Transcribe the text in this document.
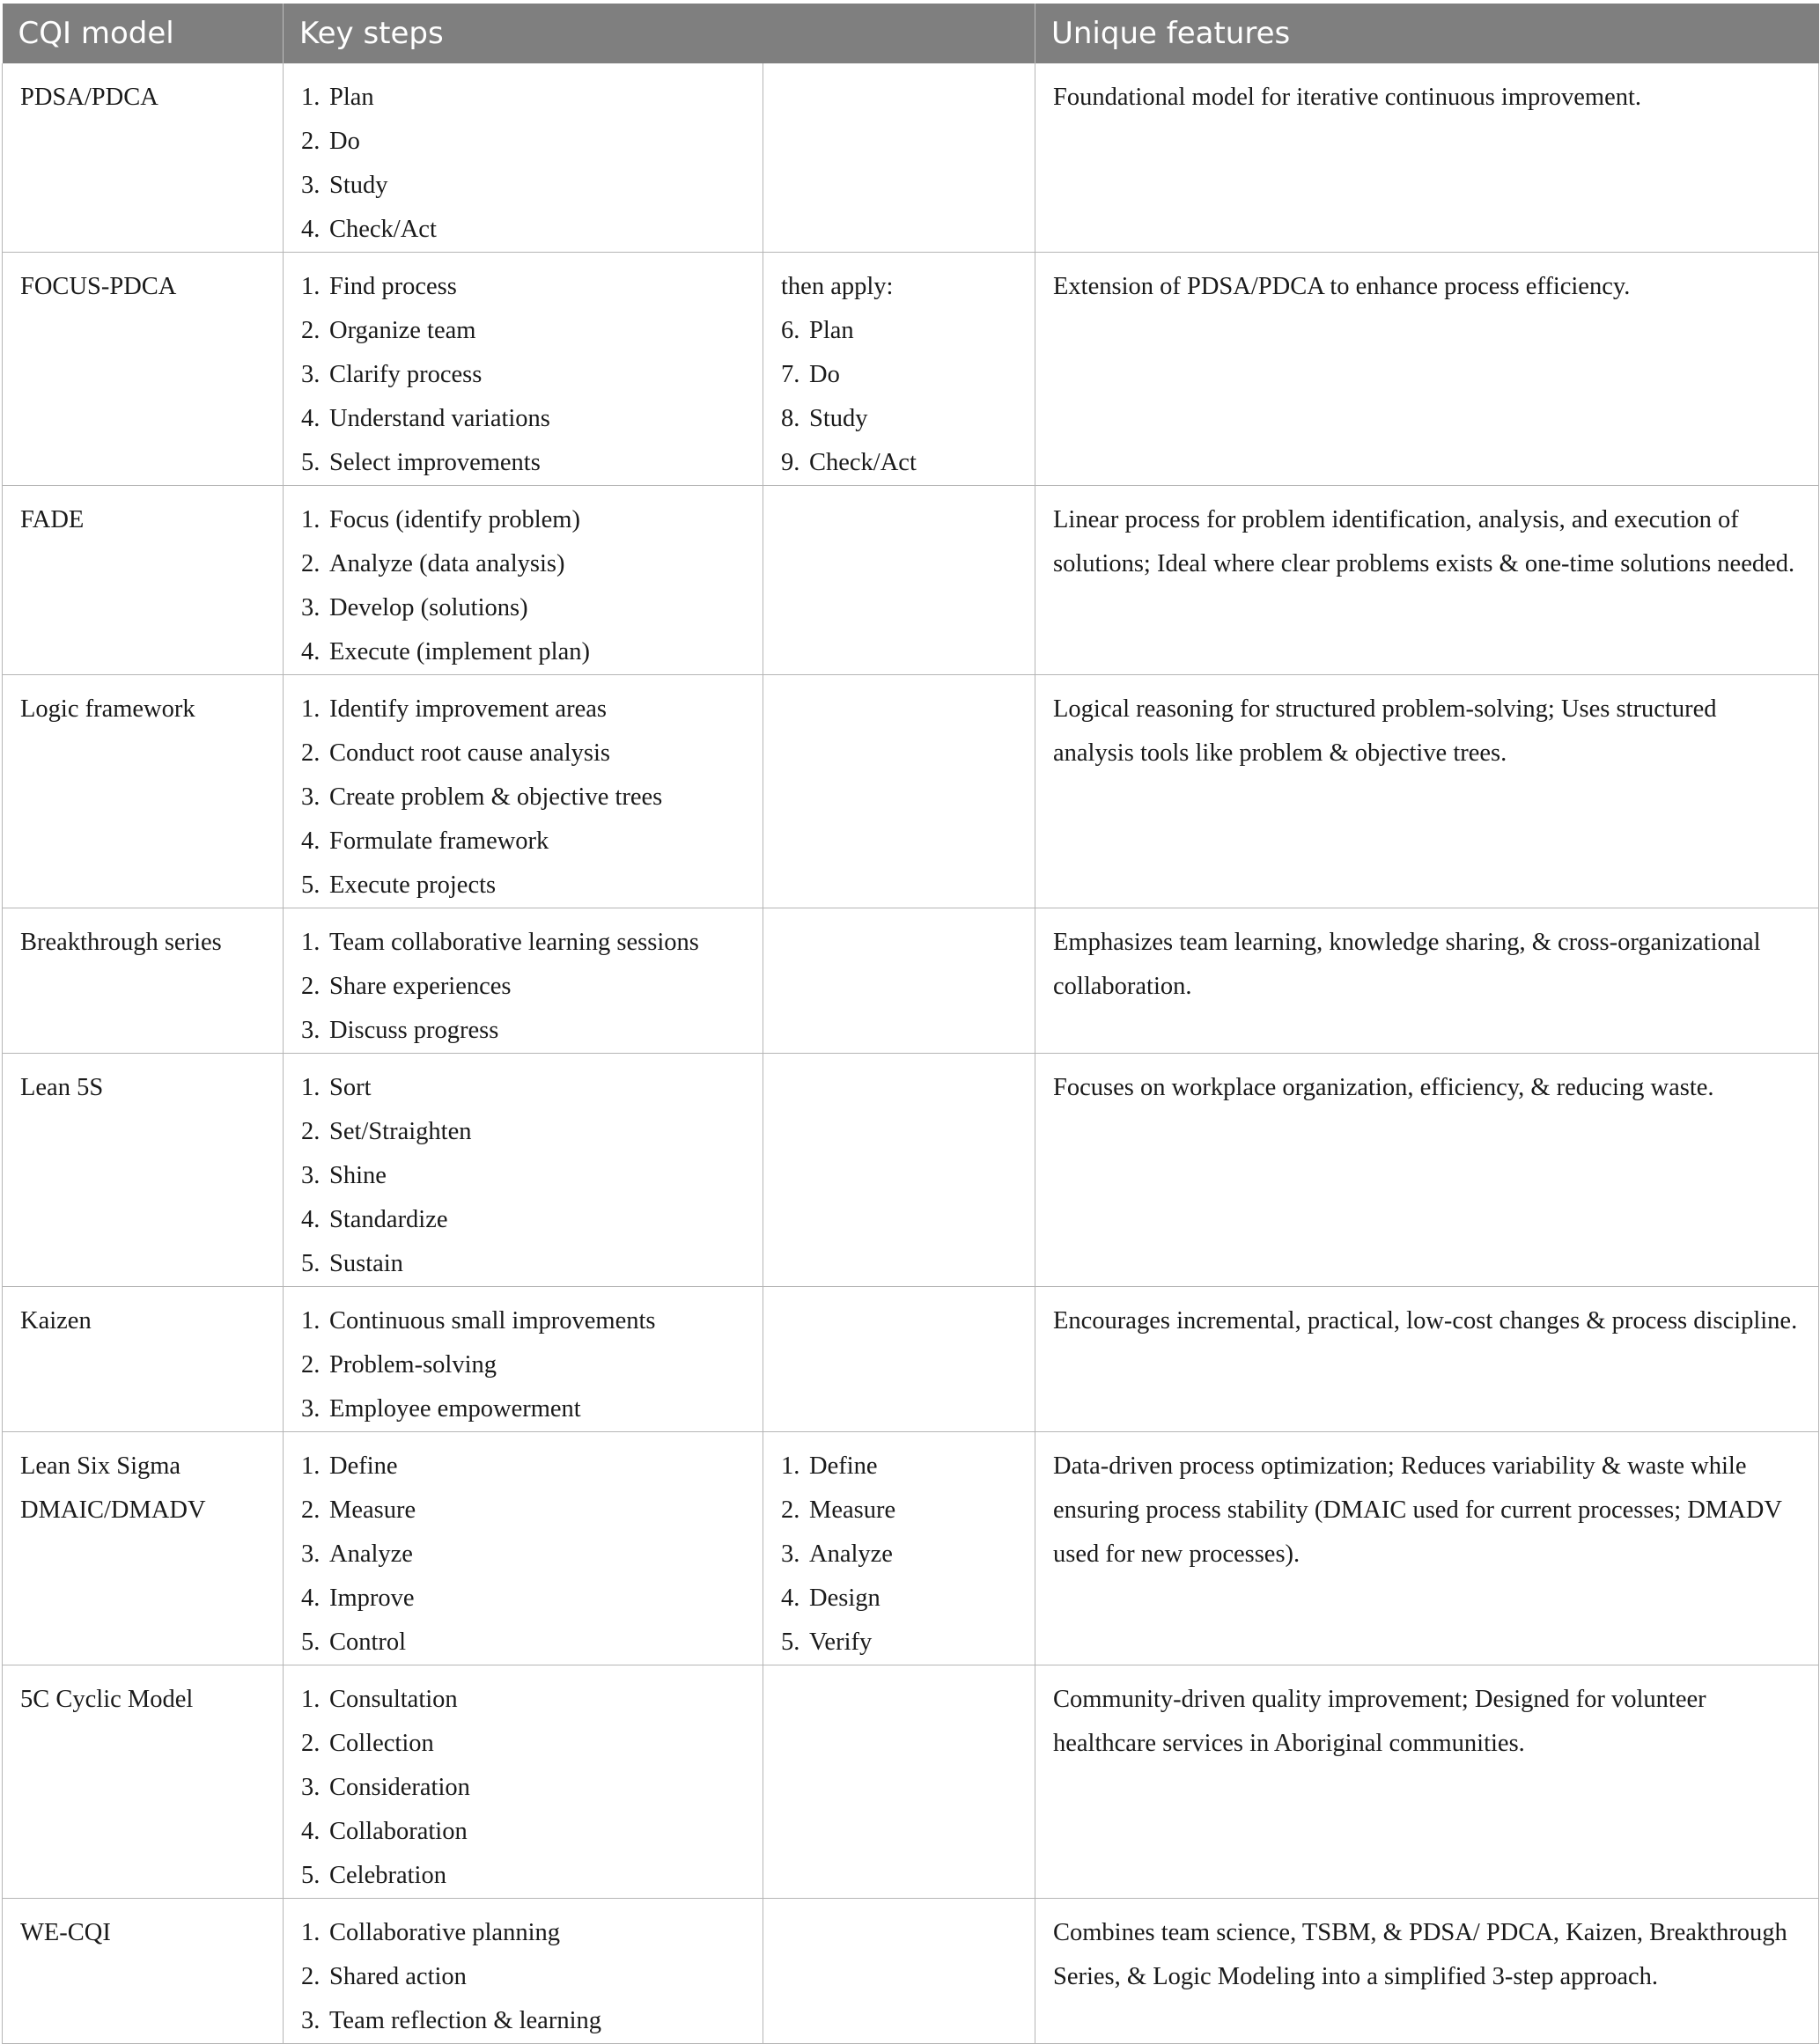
CQI model	Key steps		Unique features

PDSA/PDCA	1. Plan
2. Do
3. Study
4. Check/Act		Foundational model for iterative continuous improvement.

FOCUS-PDCA	1. Find process
2. Organize team
3. Clarify process
4. Understand variations
5. Select improvements	then apply:
6. Plan
7. Do
8. Study
9. Check/Act	Extension of PDSA/PDCA to enhance process efficiency.

FADE	1. Focus (identify problem)
2. Analyze (data analysis)
3. Develop (solutions)
4. Execute (implement plan)		Linear process for problem identification, analysis, and execution of solutions; Ideal where clear problems exists & one-time solutions needed.

Logic framework	1. Identify improvement areas
2. Conduct root cause analysis
3. Create problem & objective trees
4. Formulate framework
5. Execute projects		Logical reasoning for structured problem-solving; Uses structured analysis tools like problem & objective trees.

Breakthrough series	1. Team collaborative learning sessions
2. Share experiences
3. Discuss progress		Emphasizes team learning, knowledge sharing, & cross-organizational collaboration.

Lean 5S	1. Sort
2. Set/Straighten
3. Shine
4. Standardize
5. Sustain		Focuses on workplace organization, efficiency, & reducing waste.

Kaizen	1. Continuous small improvements
2. Problem-solving
3. Employee empowerment		Encourages incremental, practical, low-cost changes & process discipline.

Lean Six Sigma
DMAIC/DMADV	1. Define
2. Measure
3. Analyze
4. Improve
5. Control	1. Define
2. Measure
3. Analyze
4. Design
5. Verify	Data-driven process optimization; Reduces variability & waste while ensuring process stability (DMAIC used for current processes; DMADV used for new processes).

5C Cyclic Model	1. Consultation
2. Collection
3. Consideration
4. Collaboration
5. Celebration		Community-driven quality improvement; Designed for volunteer healthcare services in Aboriginal communities.

WE-CQI	1. Collaborative planning
2. Shared action
3. Team reflection & learning		Combines team science, TSBM, & PDSA/ PDCA, Kaizen, Breakthrough Series, & Logic Modeling into a simplified 3-step approach.
